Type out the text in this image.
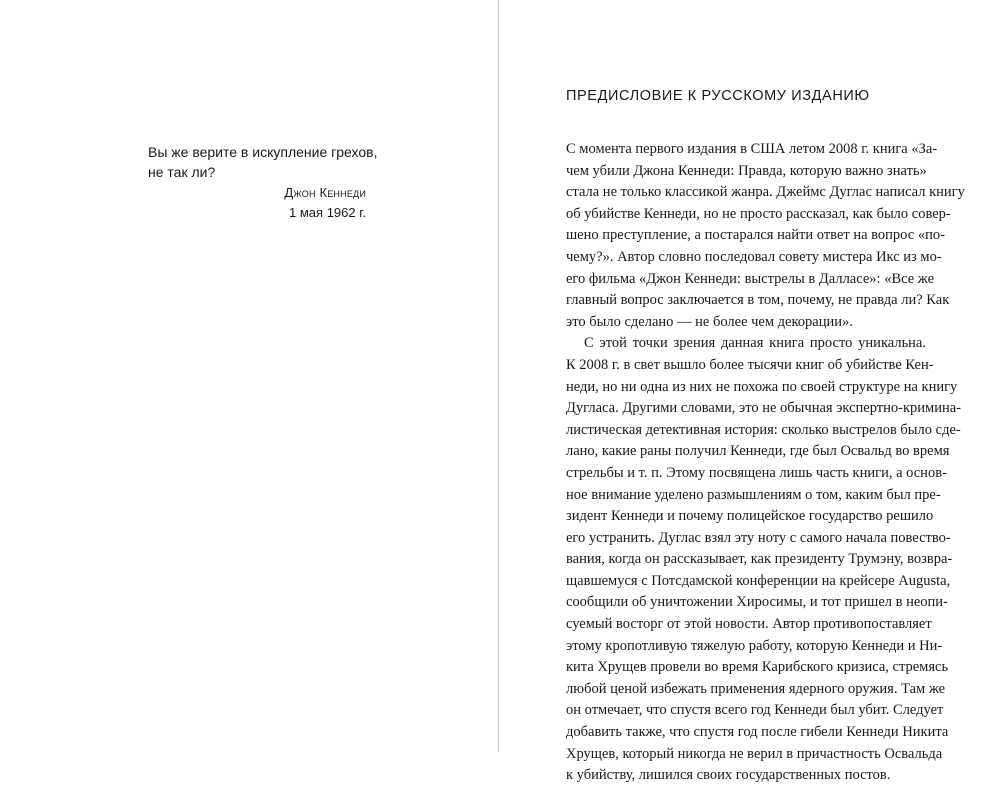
Вы же верите в искупление грехов,
не так ли?

Джон Кеннеди
1 мая 1962 г.
ПРЕДИСЛОВИЕ К РУССКОМУ ИЗДАНИЮ
С момента первого издания в США летом 2008 г. книга «За-
чем убили Джона Кеннеди: Правда, которую важно знать»
стала не только классикой жанра. Джеймс Дуглас написал книгу
об убийстве Кеннеди, но не просто рассказал, как было совер-
шено преступление, а постарался найти ответ на вопрос «по-
чему?». Автор словно последовал совету мистера Икс из мо-
его фильма «Джон Кеннеди: выстрелы в Далласе»: «Все же
главный вопрос заключается в том, почему, не правда ли? Как
это было сделано — не более чем декорации».
С этой точки зрения данная книга просто уникальна.
К 2008 г. в свет вышло более тысячи книг об убийстве Кен-
неди, но ни одна из них не похожа по своей структуре на книгу
Дугласа. Другими словами, это не обычная экспертно-кримина-
листическая детективная история: сколько выстрелов было сде-
лано, какие раны получил Кеннеди, где был Освальд во время
стрельбы и т. п. Этому посвящена лишь часть книги, а основ-
ное внимание уделено размышлениям о том, каким был пре-
зидент Кеннеди и почему полицейское государство решило
его устранить. Дуглас взял эту ноту с самого начала повество-
вания, когда он рассказывает, как президенту Трумэну, возвра-
щавшемуся с Потсдамской конференции на крейсере Augusta,
сообщили об уничтожении Хиросимы, и тот пришел в неопи-
суемый восторг от этой новости. Автор противопоставляет
этому кропотливую тяжелую работу, которую Кеннеди и Ни-
кита Хрущев провели во время Карибского кризиса, стремясь
любой ценой избежать применения ядерного оружия. Там же
он отмечает, что спустя всего год Кеннеди был убит. Следует
добавить также, что спустя год после гибели Кеннеди Никита
Хрущев, который никогда не верил в причастность Освальда
к убийству, лишился своих государственных постов.
